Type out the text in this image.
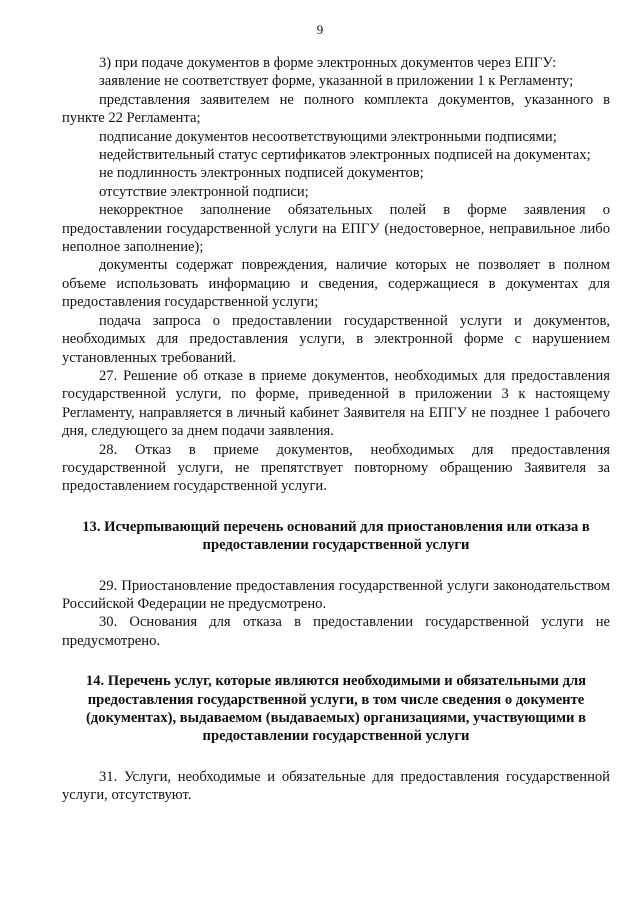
9

3) при подаче документов в форме электронных документов через ЕПГУ:

заявление не соответствует форме, указанной в приложении 1 к Регламенту;

представления заявителем не полного комплекта документов, указанного в пункте 22 Регламента;

подписание документов несоответствующими электронными подписями;

недействительный статус сертификатов электронных подписей на документах;

не подлинность электронных подписей документов;

отсутствие электронной подписи;

некорректное заполнение обязательных полей в форме заявления о предоставлении государственной услуги на ЕПГУ (недостоверное, неправильное либо неполное заполнение);

документы содержат повреждения, наличие которых не позволяет в полном объеме использовать информацию и сведения, содержащиеся в документах для предоставления государственной услуги;

подача запроса о предоставлении государственной услуги и документов, необходимых для предоставления услуги, в электронной форме с нарушением установленных требований.

27. Решение об отказе в приеме документов, необходимых для предоставления государственной услуги, по форме, приведенной в приложении 3 к настоящему Регламенту, направляется в личный кабинет Заявителя на ЕПГУ не позднее 1 рабочего дня, следующего за днем подачи заявления.

28. Отказ в приеме документов, необходимых для предоставления государственной услуги, не препятствует повторному обращению Заявителя за предоставлением государственной услуги.

13. Исчерпывающий перечень оснований для приостановления или отказа в предоставлении государственной услуги

29. Приостановление предоставления государственной услуги законодательством Российской Федерации не предусмотрено.

30. Основания для отказа в предоставлении государственной услуги не предусмотрено.

14. Перечень услуг, которые являются необходимыми и обязательными для предоставления государственной услуги, в том числе сведения о документе (документах), выдаваемом (выдаваемых) организациями, участвующими в предоставлении государственной услуги

31. Услуги, необходимые и обязательные для предоставления государственной услуги, отсутствуют.
